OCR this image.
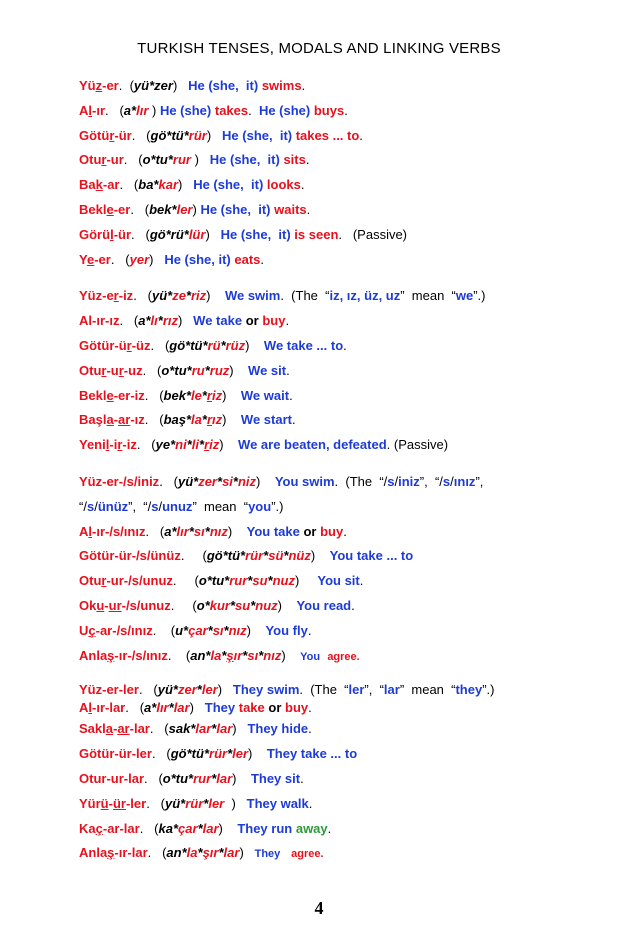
TURKISH TENSES, MODALS AND LINKING VERBS
Yüz-er.  (yü*zer)   He (she,  it) swims.
Al-ır.   (a*lır ) He (she) takes.  He (she) buys.
Götür-ür.   (gö*tü*rür)   He (she,  it) takes ... to.
Otur-ur.   (o*tu*rur )   He (she,  it) sits.
Bak-ar.   (ba*kar)   He (she,  it) looks.
Bekle-er.   (bek*ler) He (she,  it) waits.
Görül-ür.   (gö*rü*lür)   He (she,  it) is seen.   (Passive)
Ye-er.   (yer)   He (she, it) eats.
Yüz-er-iz.   (yü*ze*riz)    We swim.  (The  “iz, ız, üz, uz”  mean  “we”.)
Al-ır-ız.   (a*lı*rız)   We take or buy.
Götür-ür-üz.   (gö*tü*rü*rüz)    We take ... to.
Otur-ur-uz.   (o*tu*ru*ruz)    We sit.
Bekle-er-iz.   (bek*le*riz)    We wait.
Başla-ar-ız.   (baş*la*rız)    We start.
Yenil-ir-iz.   (ye*ni*li*riz)    We are beaten, defeated. (Passive)
Yüz-er-/s/iniz.   (yü*zer*si*niz)    You swim.  (The  “/s/iniz”,  “/s/ınız”,
“/s/ünüz”,  “/s/unuz”  mean  “you”.)
Al-ır-/s/ınız.   (a*lır*sı*nız)    You take or buy.
Götür-ür-/s/ünüz.     (gö*tü*rür*sü*nüz)    You take ... to
Otur-ur-/s/unuz.     (o*tu*rur*su*nuz)     You sit.
Oku-ur-/s/unuz.     (o*kur*su*nuz)    You read.
Uç-ar-/s/ınız.    (u*çar*sı*nız)    You fly.
Anlaş-ır-/s/ınız.    (an*la*şır*sı*nız)    You agree.
Yüz-er-ler.   (yü*zer*ler)   They swim.  (The  “ler”,  “lar”  mean  “they”.)
Al-ır-lar.   (a*lır*lar)   They take or buy.
Sakla-ar-lar.   (sak*lar*lar)   They hide.
Götür-ür-ler.   (gö*tü*rür*ler)    They take ... to
Otur-ur-lar.   (o*tu*rur*lar)    They sit.
Yürü-ür-ler.   (yü*rür*ler  )   They walk.
Kaç-ar-lar.   (ka*çar*lar)    They run away.
Anlaş-ır-lar.   (an*la*şır*lar)   They agree.
4
